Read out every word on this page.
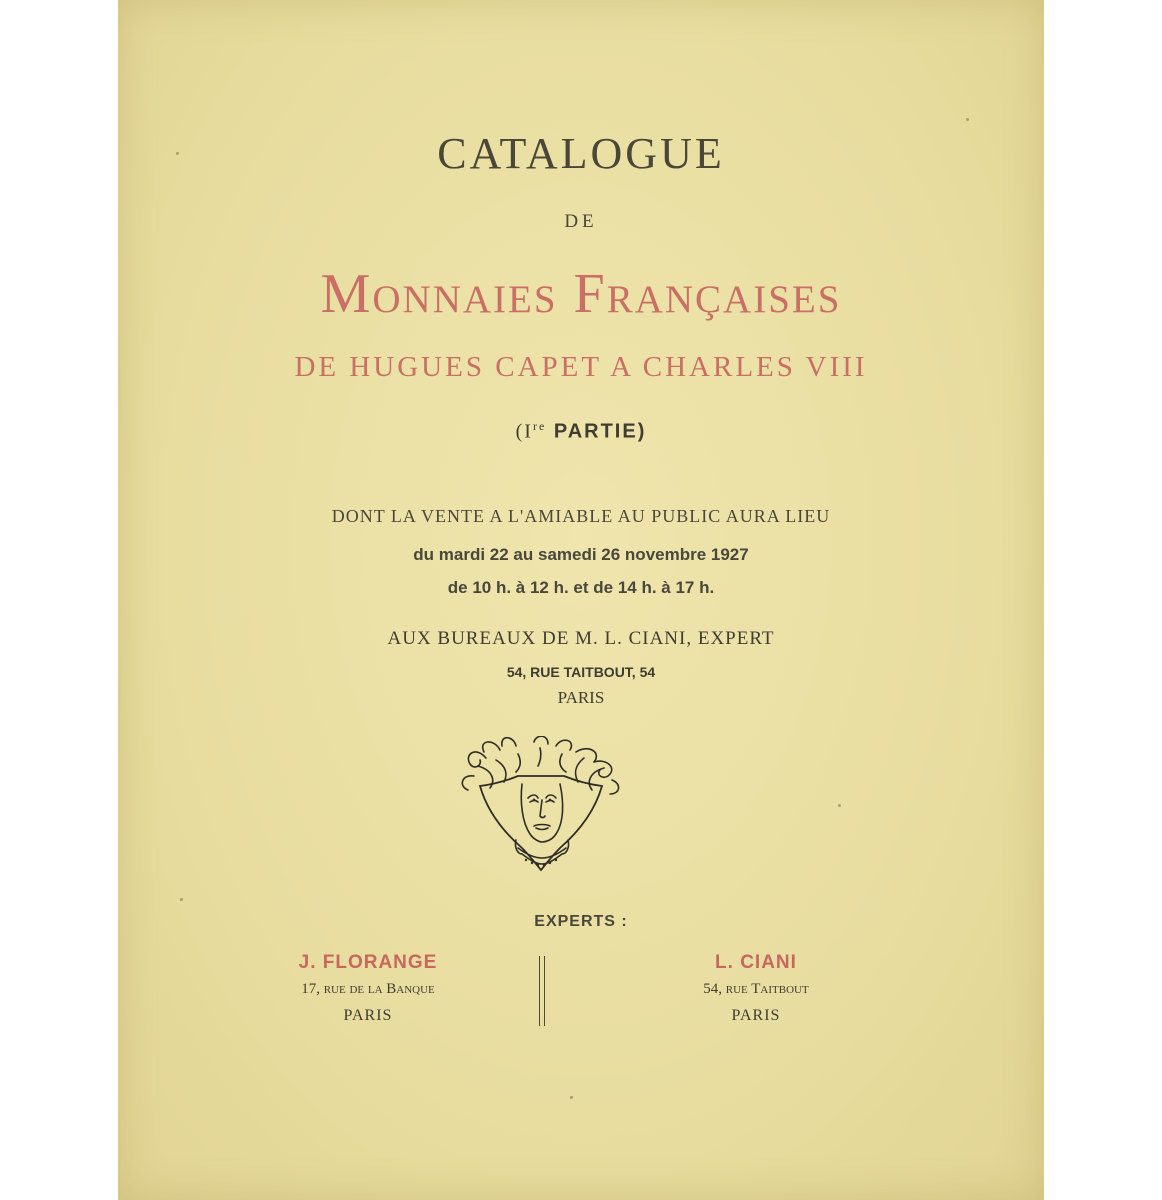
CATALOGUE
DE
Monnaies Françaises
DE HUGUES CAPET A CHARLES VIII
(Ire PARTIE)
DONT LA VENTE A L'AMIABLE AU PUBLIC AURA LIEU
du mardi 22 au samedi 26 novembre 1927
de 10 h. à 12 h. et de 14 h. à 17 h.
AUX BUREAUX DE M. L. CIANI, EXPERT
54, RUE TAITBOUT, 54
PARIS
EXPERTS :
J. FLORANGE
17, rue de la Banque
PARIS
L. CIANI
54, rue Taitbout
PARIS
